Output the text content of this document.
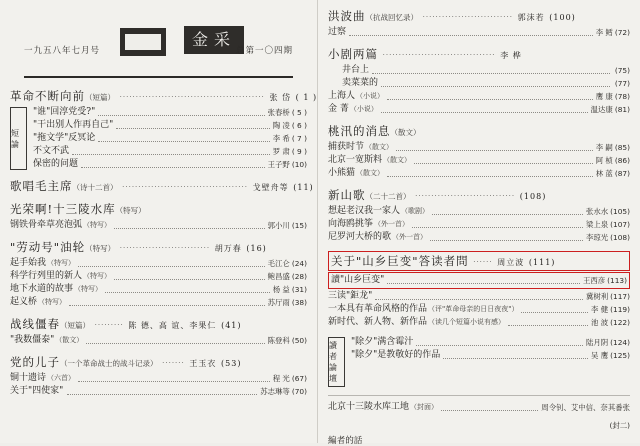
一九五八年七月号
金采
总第一〇四期
革命不断向前（短篇） ············································· 张 岱 ( 1 )
短 論
"谁"回淳党受?"	张春桥 ( 5 )
"干出别人作再自己"	陶 凌 ( 6 )
"拖文学"反冥论	李 希 ( 7 )
不文不武	罗 肃 ( 9 )
保密的问题	王子野 (10)
歌唱毛主席（诗十二首） ······································· 戈壁舟等 (11)
光荣啊!十三陵水库（特写）
钢铁骨牵草亮泡弧 （特写）	郭小川 (15)
"劳动号"油轮（特写） ···························· 胡万春 (16)
起手始我 （特写）	毛江仑 (24)
科学行列里的新人 （特写）	鲍昌盛 (28)
地下水道的故事 （特写）	杨 益 (31)
起义桥 （特写）	苏厅雨 (38)
战线僵春（短篇） ········· 陈 德、高 谊、李果仁 (41)
"我数僵泰" （散文）	陈登科 (50)
党的儿子（一个革命战士的战斗记录） ······· 王玉衣 (53)
铜十遗诗 （六首）	程 光 (67)
关于"四使家"	苏志琳等 (70)
洪波曲（抗战回忆录） ···························· 郭沫若 (100)
过察	李 鳕 (72)
小剧两篇 ··································· 李 桦
井台上	(75)
卖菜菜的	(77)
上海人 （小说）	鹰 康 (78)
金 菁 （小说）	温达康 (81)
桃汛的消息（散文）
捕获时节 （散文）	李 嗣 (85)
北京一宽斯料 （散文）	阿 桢 (86)
小熊猫 （散文）	林 蓝 (87)
新山歌（二十二首） ······························· (108)
想起老汉我一家人 （歌剧）	张水水 (105)
向海鸥挑筝 （外一首）	梁上泉 (107)
尼罗河大桥的歌 （外一首）	李琼光 (108)
关于"山乡巨变"答读者問 ······ 周立波 (111)
讀"山乡巨变"	王西彦 (113)
三读"鉅龙"	冀树利 (117)
一本具有革命风格的作品 （评"革命母亲的日日夜夜"）	李 健 (119)
新时代、新人物、新作品 （读几个短篇小说有感）	池 波 (122)
讀 者 論 壇
"除夕"满含霉汁	陆月阴 (124)
"除夕"是教敬好的作品	吴 鹰 (125)
北京十三陵水库工地 （封面）	周令钊、艾中信、奈其番张
(封二)
編者的話
